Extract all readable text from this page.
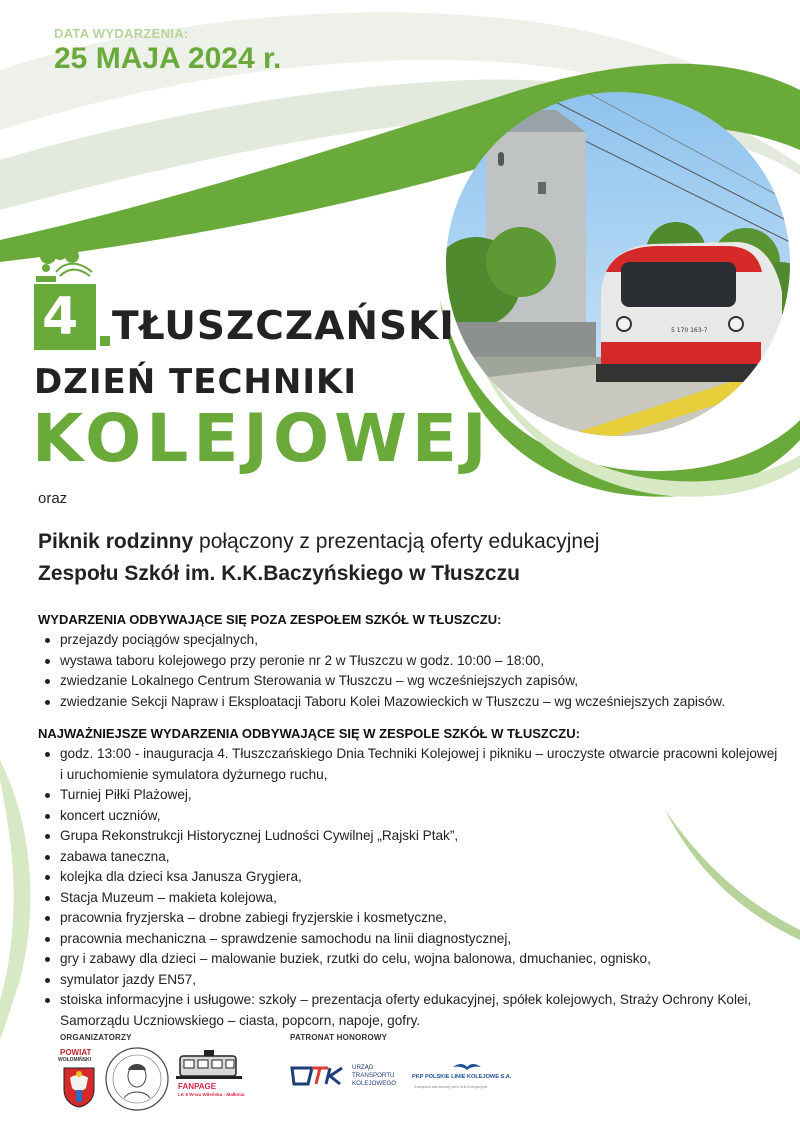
DATA WYDARZENIA:
25 MAJA 2024 r.
5 170 163-7
4 TŁUSZCZAŃSKI
DZIEŃ TECHNIKI
KOLEJOWEJ
oraz
Piknik rodzinny połączony z prezentacją oferty edukacyjnej
Zespołu Szkół im. K.K.Baczyńskiego w Tłuszczu
WYDARZENIA ODBYWAJĄCE SIĘ POZA ZESPOŁEM SZKÓŁ W TŁUSZCZU:
przejazdy pociągów specjalnych,
wystawa taboru kolejowego przy peronie nr 2 w Tłuszczu w godz. 10:00 – 18:00,
zwiedzanie Lokalnego Centrum Sterowania w Tłuszczu – wg wcześniejszych zapisów,
zwiedzanie Sekcji Napraw i Eksploatacji Taboru Kolei Mazowieckich w Tłuszczu – wg wcześniejszych zapisów.
NAJWAŻNIEJSZE WYDARZENIA ODBYWAJĄCE SIĘ W ZESPOLE SZKÓŁ W TŁUSZCZU:
godz. 13:00 - inauguracja 4. Tłuszczańskiego Dnia Techniki Kolejowej i pikniku – uroczyste otwarcie pracowni kolejowej i uruchomienie symulatora dyżurnego ruchu,
Turniej Piłki Plażowej,
koncert uczniów,
Grupa Rekonstrukcji Historycznej Ludności Cywilnej „Rajski Ptak”,
zabawa taneczna,
kolejka dla dzieci ksa Janusza Grygiera,
Stacja Muzeum – makieta kolejowa,
pracownia fryzjerska – drobne zabiegi fryzjerskie i kosmetyczne,
pracownia mechaniczna – sprawdzenie samochodu na linii diagnostycznej,
gry i zabawy dla dzieci – malowanie buziek, rzutki do celu, wojna balonowa, dmuchaniec, ognisko,
symulator jazdy EN57,
stoiska informacyjne i usługowe: szkoły – prezentacja oferty edukacyjnej, spółek kolejowych, Straży Ochrony Kolei, Samorządu Uczniowskiego – ciasta, popcorn, napoje, gofry.
ORGANIZATORZY	PATRONAT HONOROWY
POWIAT
WOŁOMIŃSKI
FANPAGE
LK 6 W-wa Wileńska - Małkinia
URZĄD
TRANSPORTU
KOLEJOWEGO
PKP POLSKIE LINIE KOLEJOWE S.A.
Zarządca narodowej sieci linii kolejowych
